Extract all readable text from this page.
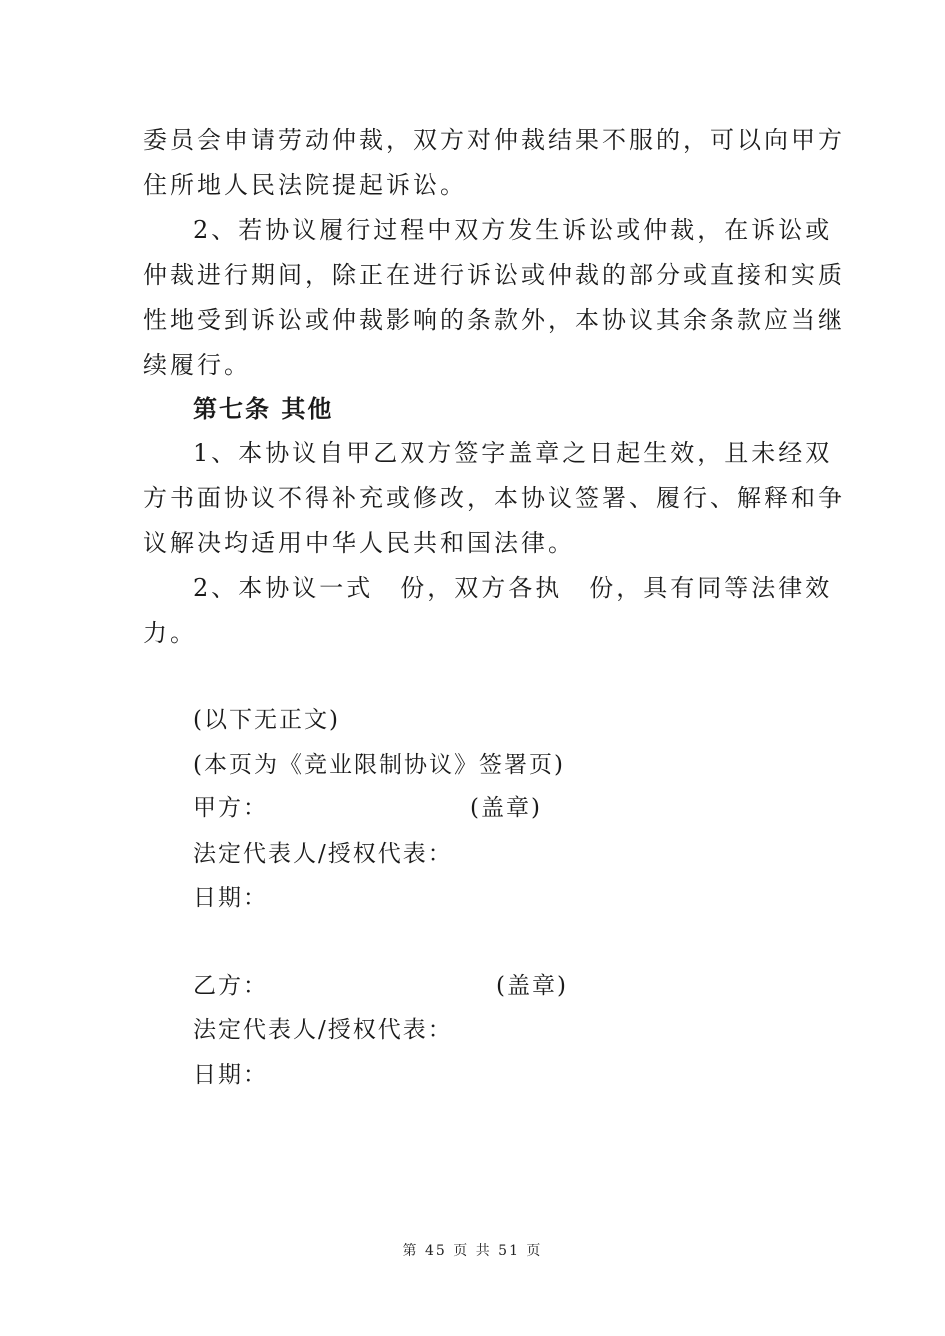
委员会申请劳动仲裁，双方对仲裁结果不服的，可以向甲方
住所地人民法院提起诉讼。

2、若协议履行过程中双方发生诉讼或仲裁，在诉讼或
仲裁进行期间，除正在进行诉讼或仲裁的部分或直接和实质
性地受到诉讼或仲裁影响的条款外，本协议其余条款应当继
续履行。

第七条 其他

1、本协议自甲乙双方签字盖章之日起生效，且未经双
方书面协议不得补充或修改，本协议签署、履行、解释和争
议解决均适用中华人民共和国法律。

2、本协议一式　份，双方各执　份，具有同等法律效
力。

(以下无正文)
(本页为《竞业限制协议》签署页)
甲方：	(盖章)
法定代表人/授权代表：
日期：
乙方：	(盖章)
法定代表人/授权代表：
日期：
第 45 页 共 51 页
